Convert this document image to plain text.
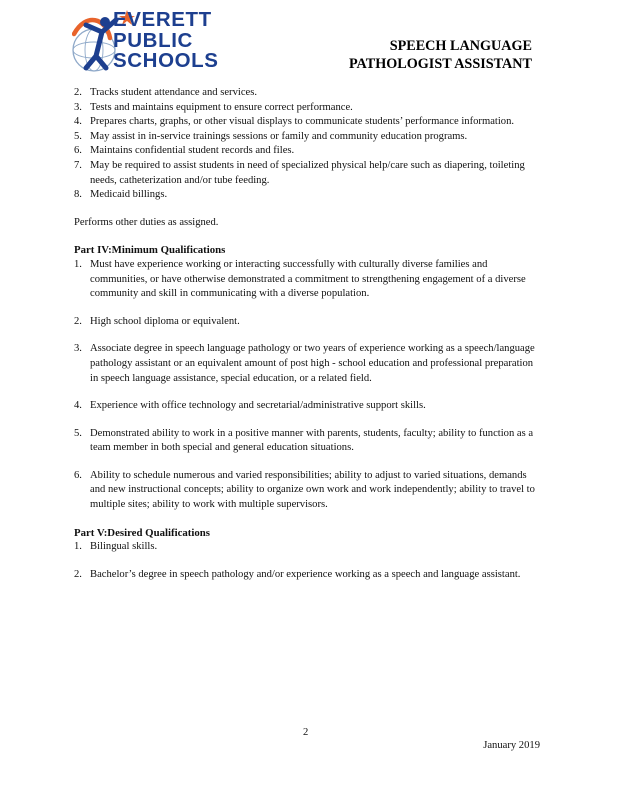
EVERETT
PUBLIC
SCHOOLS
SPEECH LANGUAGE
PATHOLOGIST ASSISTANT
2. Tracks student attendance and services.
3. Tests and maintains equipment to ensure correct performance.
4. Prepares charts, graphs, or other visual displays to communicate students’ performance information.
5. May assist in in-service trainings sessions or family and community education programs.
6. Maintains confidential student records and files.
7. May be required to assist students in need of specialized physical help/care such as diapering, toileting needs, catheterization and/or tube feeding.
8. Medicaid billings.

Performs other duties as assigned.

Part IV:Minimum Qualifications
1. Must have experience working or interacting successfully with culturally diverse families and communities, or have otherwise demonstrated a commitment to strengthening engagement of a diverse community and skill in communicating with a diverse population.
2. High school diploma or equivalent.
3. Associate degree in speech language pathology or two years of experience working as a speech/language pathology assistant or an equivalent amount of post high - school education and professional preparation in speech language assistance, special education, or a related field.
4. Experience with office technology and secretarial/administrative support skills.
5. Demonstrated ability to work in a positive manner with parents, students, faculty; ability to function as a team member in both special and general education situations.
6. Ability to schedule numerous and varied responsibilities; ability to adjust to varied situations, demands and new instructional concepts; ability to organize own work and work independently; ability to travel to multiple sites; ability to work with multiple supervisors.
Part V:Desired Qualifications
1. Bilingual skills.
2. Bachelor’s degree in speech pathology and/or experience working as a speech and language assistant.
2
January 2019
